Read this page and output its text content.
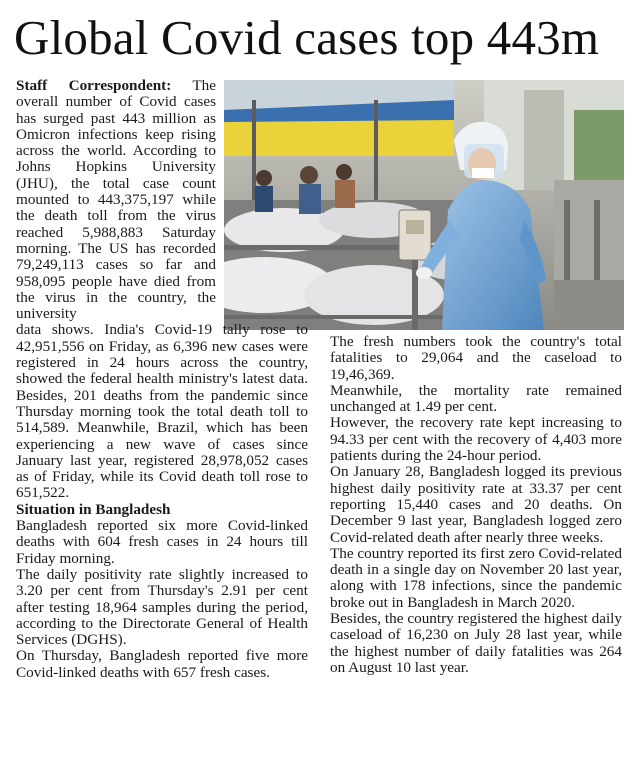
Global Covid cases top 443m

Staff Correspondent: The overall number of Covid cases has surged past 443 million as Omicron infections keep rising across the world. According to Johns Hopkins University (JHU), the total case count mounted to 443,375,197 while the death toll from the virus reached 5,988,883 Saturday morning. The US has recorded 79,249,113 cases so far and 958,095 people have died from the virus in the country, the university

data shows. India's Covid-19 tally rose to 42,951,556 on Friday, as 6,396 new cases were registered in 24 hours across the country, showed the federal health ministry's latest data. Besides, 201 deaths from the pandemic since Thursday morning took the total death toll to 514,589. Meanwhile, Brazil, which has been experiencing a new wave of cases since January last year, registered 28,978,052 cases as of Friday, while its Covid death toll rose to 651,522.

Situation in Bangladesh

Bangladesh reported six more Covid-linked deaths with 604 fresh cases in 24 hours till Friday morning.

The daily positivity rate slightly increased to 3.20 per cent from Thursday's 2.91 per cent after testing 18,964 samples during the period, according to the Directorate General of Health Services (DGHS).

On Thursday, Bangladesh reported five more Covid-linked deaths with 657 fresh cases.

The fresh numbers took the country's total fatalities to 29,064 and the caseload to 19,46,369.

Meanwhile, the mortality rate remained unchanged at 1.49 per cent.

However, the recovery rate kept increasing to 94.33 per cent with the recovery of 4,403 more patients during the 24-hour period.

On January 28, Bangladesh logged its previous highest daily positivity rate at 33.37 per cent reporting 15,440 cases and 20 deaths. On December 9 last year, Bangladesh logged zero Covid-related death after nearly three weeks.

The country reported its first zero Covid-related death in a single day on November 20 last year, along with 178 infections, since the pandemic broke out in Bangladesh in March 2020.

Besides, the country registered the highest daily caseload of 16,230 on July 28 last year, while the highest number of daily fatalities was 264 on August 10 last year.
